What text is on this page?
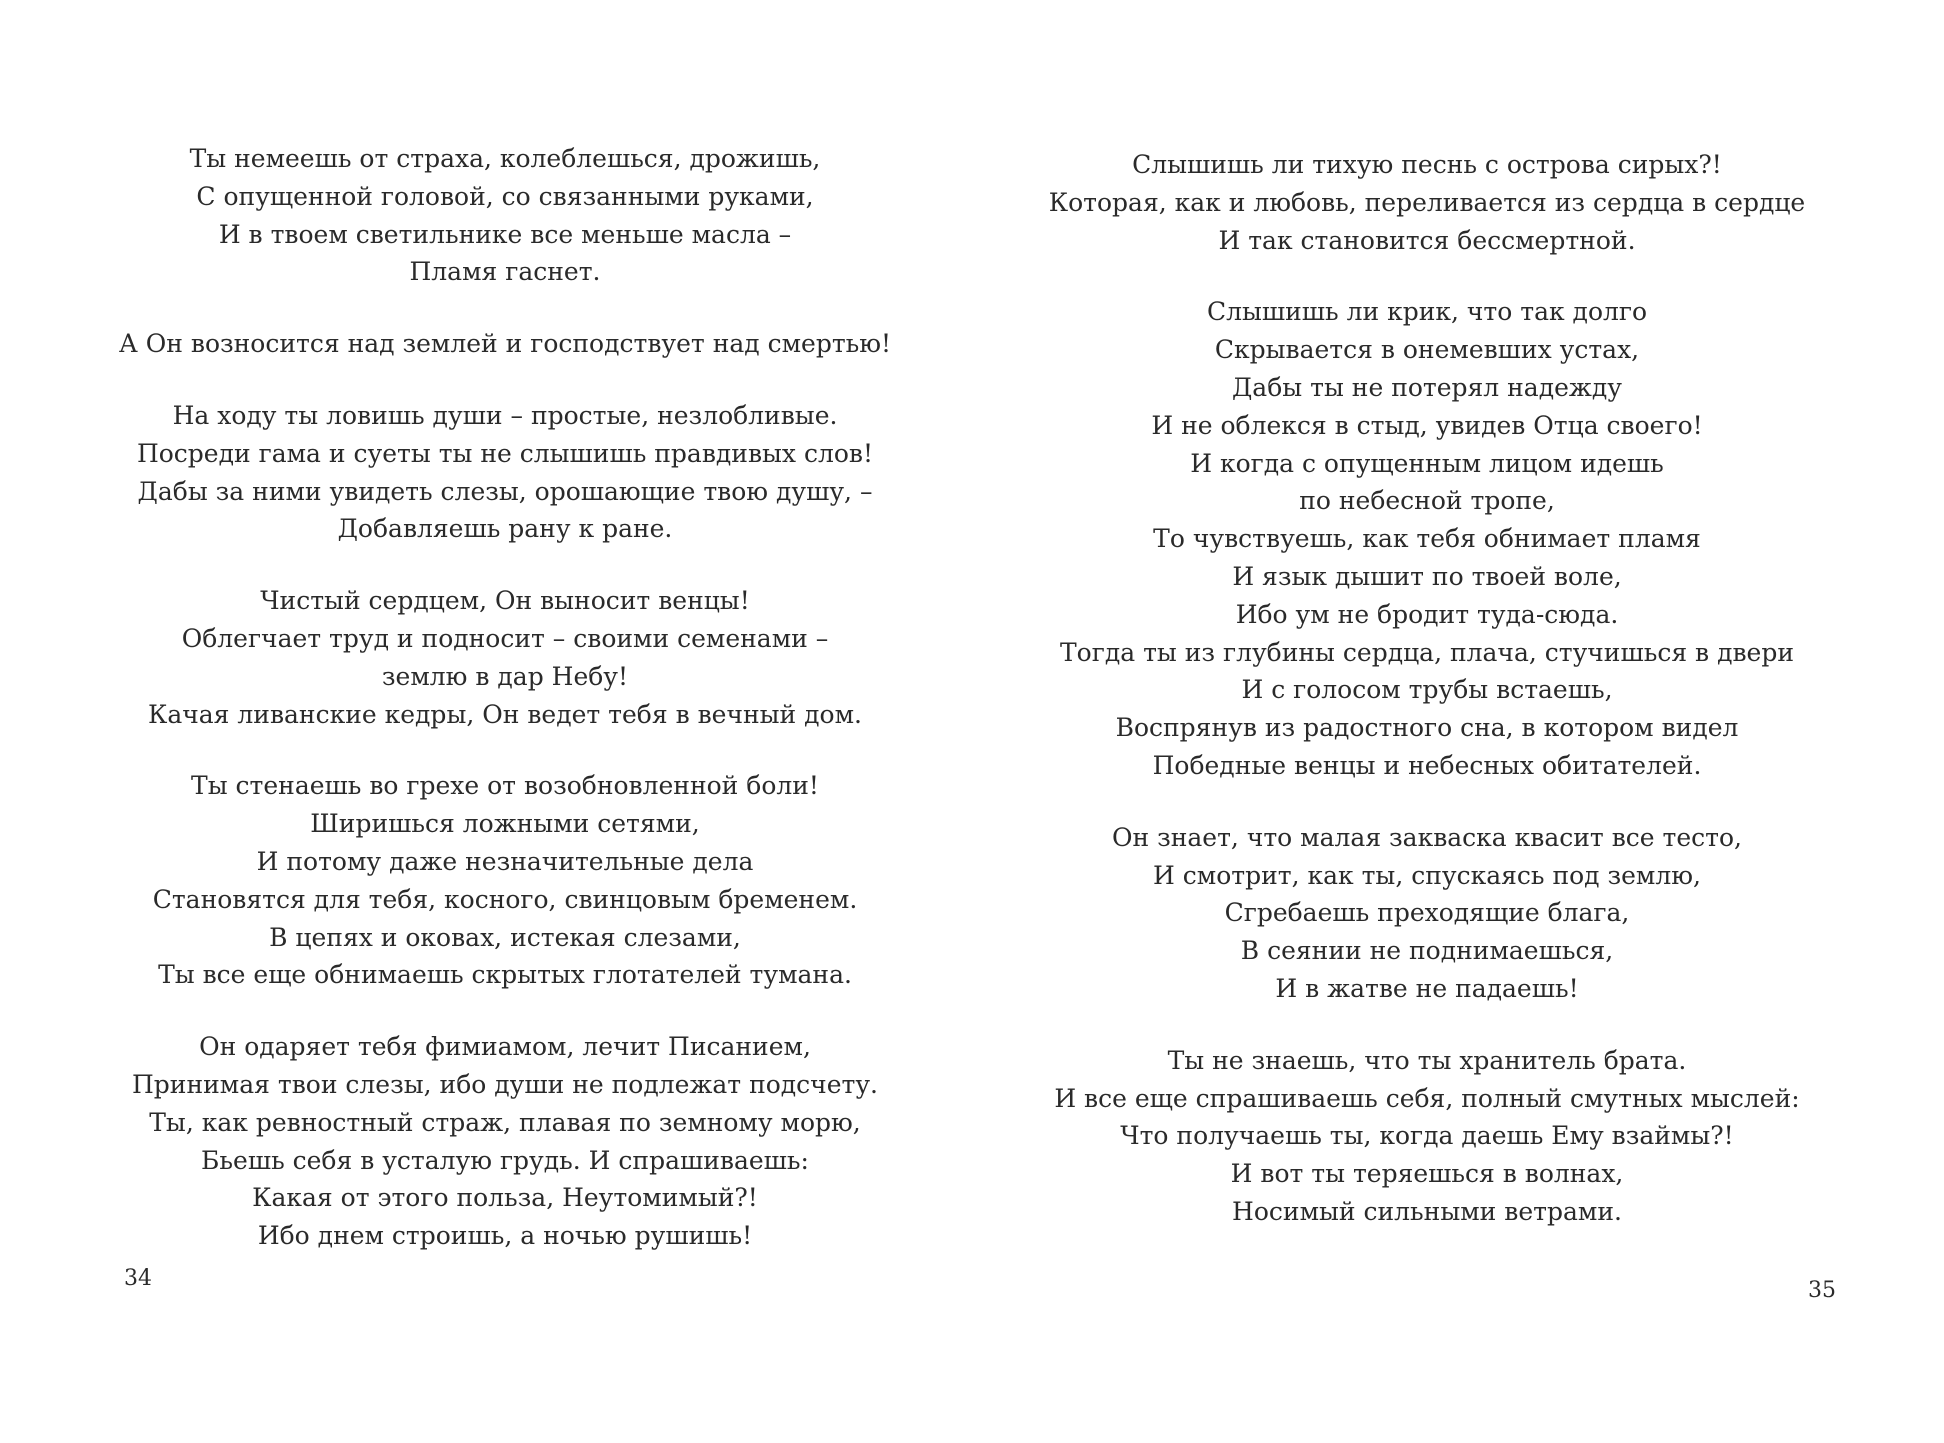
Ты немеешь от страха, колеблешься, дрожишь,
С опущенной головой, со связанными руками,
И в твоем светильнике все меньше масла –
Пламя гаснет.
А Он возносится над землей и господствует над смертью!
На ходу ты ловишь души – простые, незлобливые.
Посреди гама и суеты ты не слышишь правдивых слов!
Дабы за ними увидеть слезы, орошающие твою душу, –
Добавляешь рану к ране.
Чистый сердцем, Он выносит венцы!
Облегчает труд и подносит – своими семенами –
землю в дар Небу!
Качая ливанские кедры, Он ведет тебя в вечный дом.
Ты стенаешь во грехе от возобновленной боли!
Ширишься ложными сетями,
И потому даже незначительные дела
Становятся для тебя, косного, свинцовым бременем.
В цепях и оковах, истекая слезами,
Ты все еще обнимаешь скрытых глотателей тумана.
Он одаряет тебя фимиамом, лечит Писанием,
Принимая твои слезы, ибо души не подлежат подсчету.
Ты, как ревностный страж, плавая по земному морю,
Бьешь себя в усталую грудь. И спрашиваешь:
Какая от этого польза, Неутомимый?!
Ибо днем строишь, а ночью рушишь!
34
Слышишь ли тихую песнь с острова сирых?!
Которая, как и любовь, переливается из сердца в сердце
И так становится бессмертной.
Слышишь ли крик, что так долго
Скрывается в онемевших устах,
Дабы ты не потерял надежду
И не облекся в стыд, увидев Отца своего!
И когда с опущенным лицом идешь
по небесной тропе,
То чувствуешь, как тебя обнимает пламя
И язык дышит по твоей воле,
Ибо ум не бродит туда-сюда.
Тогда ты из глубины сердца, плача, стучишься в двери
И с голосом трубы встаешь,
Воспрянув из радостного сна, в котором видел
Победные венцы и небесных обитателей.
Он знает, что малая закваска квасит все тесто,
И смотрит, как ты, спускаясь под землю,
Сгребаешь преходящие блага,
В сеянии не поднимаешься,
И в жатве не падаешь!
Ты не знаешь, что ты хранитель брата.
И все еще спрашиваешь себя, полный смутных мыслей:
Что получаешь ты, когда даешь Ему взаймы?!
И вот ты теряешься в волнах,
Носимый сильными ветрами.
35
